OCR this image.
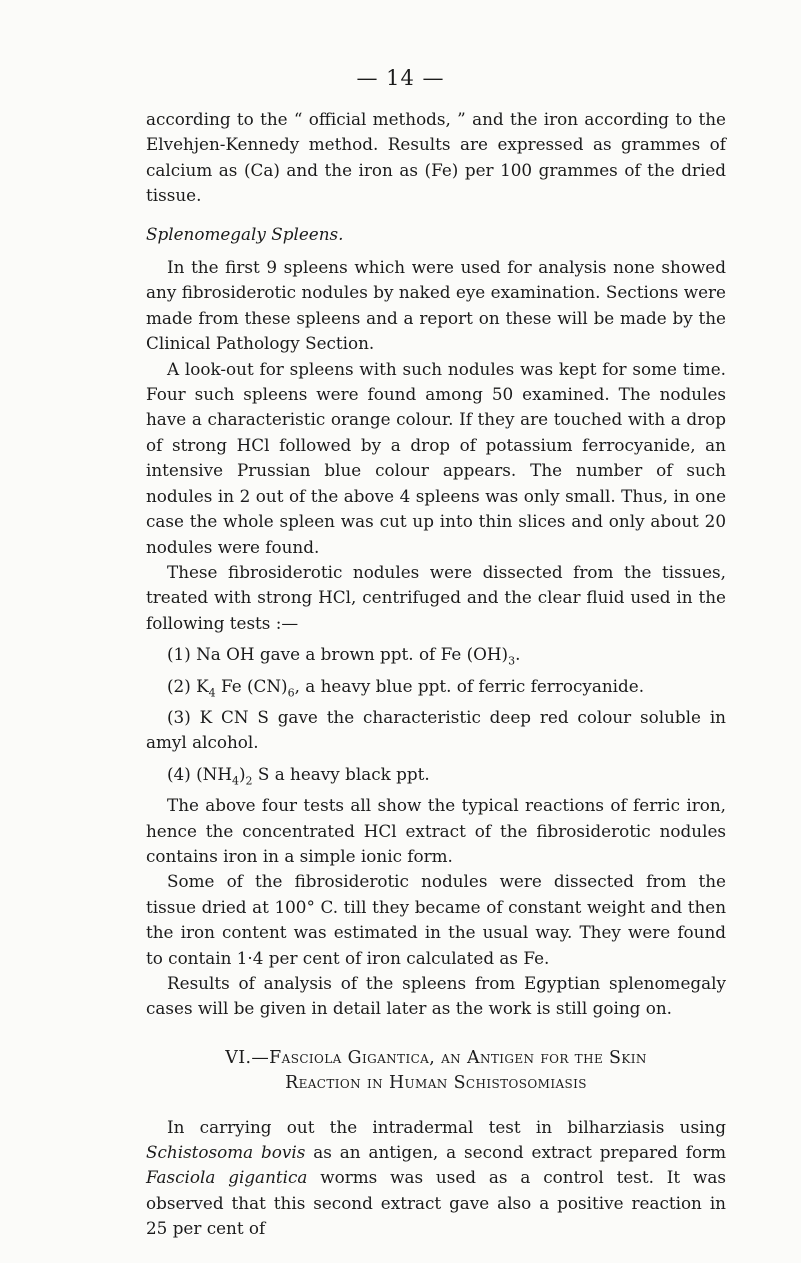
— 14 —

according to the “ official methods, ” and the iron according to the Elvehjen-Kennedy method. Results are expressed as grammes of calcium as (Ca) and the iron as (Fe) per 100 grammes of the dried tissue.

Splenomegaly Spleens.

In the first 9 spleens which were used for analysis none showed any fibrosiderotic nodules by naked eye examination. Sections were made from these spleens and a report on these will be made by the Clinical Pathology Section.

A look-out for spleens with such nodules was kept for some time. Four such spleens were found among 50 examined. The nodules have a characteristic orange colour. If they are touched with a drop of strong HCl followed by a drop of potassium ferrocyanide, an intensive Prussian blue colour appears. The number of such nodules in 2 out of the above 4 spleens was only small. Thus, in one case the whole spleen was cut up into thin slices and only about 20 nodules were found.

These fibrosiderotic nodules were dissected from the tissues, treated with strong HCl, centrifuged and the clear fluid used in the following tests :—

(1) Na OH gave a brown ppt. of Fe $(OH)_3$.

(2) $K_4$ Fe $(CN)_6$, a heavy blue ppt. of ferric ferrocyanide.

(3) K CN S gave the characteristic deep red colour soluble in amyl alcohol.

(4) $(NH_4)_2$ S a heavy black ppt.

The above four tests all show the typical reactions of ferric iron, hence the concentrated HCl extract of the fibrosiderotic nodules contains iron in a simple ionic form.

Some of the fibrosiderotic nodules were dissected from the tissue dried at 100° C. till they became of constant weight and then the iron content was estimated in the usual way. They were found to contain 1·4 per cent of iron calculated as Fe.

Results of analysis of the spleens from Egyptian splenomegaly cases will be given in detail later as the work is still going on.

VI.—Fasciola Gigantica, an Antigen for the Skin
Reaction in Human Schistosomiasis

In carrying out the intradermal test in bilharziasis using Schistosoma bovis as an antigen, a second extract prepared form Fasciola gigantica worms was used as a control test. It was observed that this second extract gave also a positive reaction in 25 per cent of
